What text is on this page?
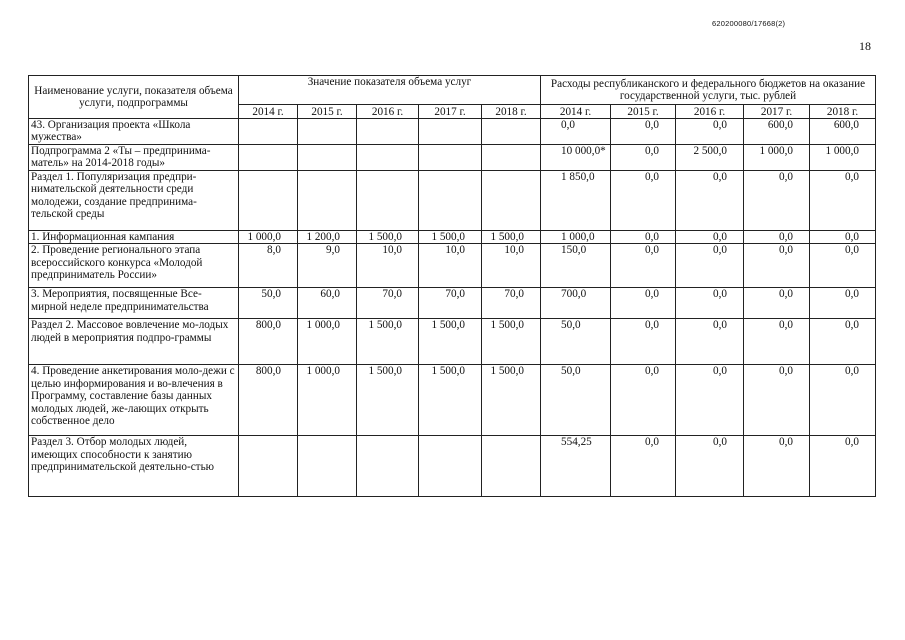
620200080/17668(2)
18
Наименование услуги, показателя объема услуги, подпрограммы	Значение показателя объема услуг					Расходы республиканского и федерального бюджетов на оказание государственной услуги, тыс. рублей				
	2014 г.	2015 г.	2016 г.	2017 г.	2018 г.	2014 г.	2015 г.	2016 г.	2017 г.	2018 г.
43. Организация проекта «Школа мужества»						0,0	0,0	0,0	600,0	600,0
Подпрограмма 2 «Ты – предпринима-матель» на 2014-2018 годы»						10 000,0*	0,0	2 500,0	1 000,0	1 000,0
Раздел 1. Популяризация предпри-нимательской деятельности среди молодежи, создание предпринима-тельской среды						1 850,0	0,0	0,0	0,0	0,0
1. Информационная кампания	1 000,0	1 200,0	1 500,0	1 500,0	1 500,0	1 000,0	0,0	0,0	0,0	0,0
2. Проведение регионального этапа всероссийского конкурса «Молодой предприниматель России»	8,0	9,0	10,0	10,0	10,0	150,0	0,0	0,0	0,0	0,0
3. Мероприятия, посвященные Все-мирной неделе предпринимательства	50,0	60,0	70,0	70,0	70,0	700,0	0,0	0,0	0,0	0,0
Раздел 2. Массовое вовлечение мо-лодых людей в мероприятия подпро-граммы	800,0	1 000,0	1 500,0	1 500,0	1 500,0	50,0	0,0	0,0	0,0	0,0
4. Проведение анкетирования моло-дежи с целью информирования и во-влечения в Программу, составление базы данных молодых людей, же-лающих открыть собственное дело	800,0	1 000,0	1 500,0	1 500,0	1 500,0	50,0	0,0	0,0	0,0	0,0
Раздел 3. Отбор молодых людей, имеющих способности к занятию предпринимательской деятельно-стью						554,25	0,0	0,0	0,0	0,0
